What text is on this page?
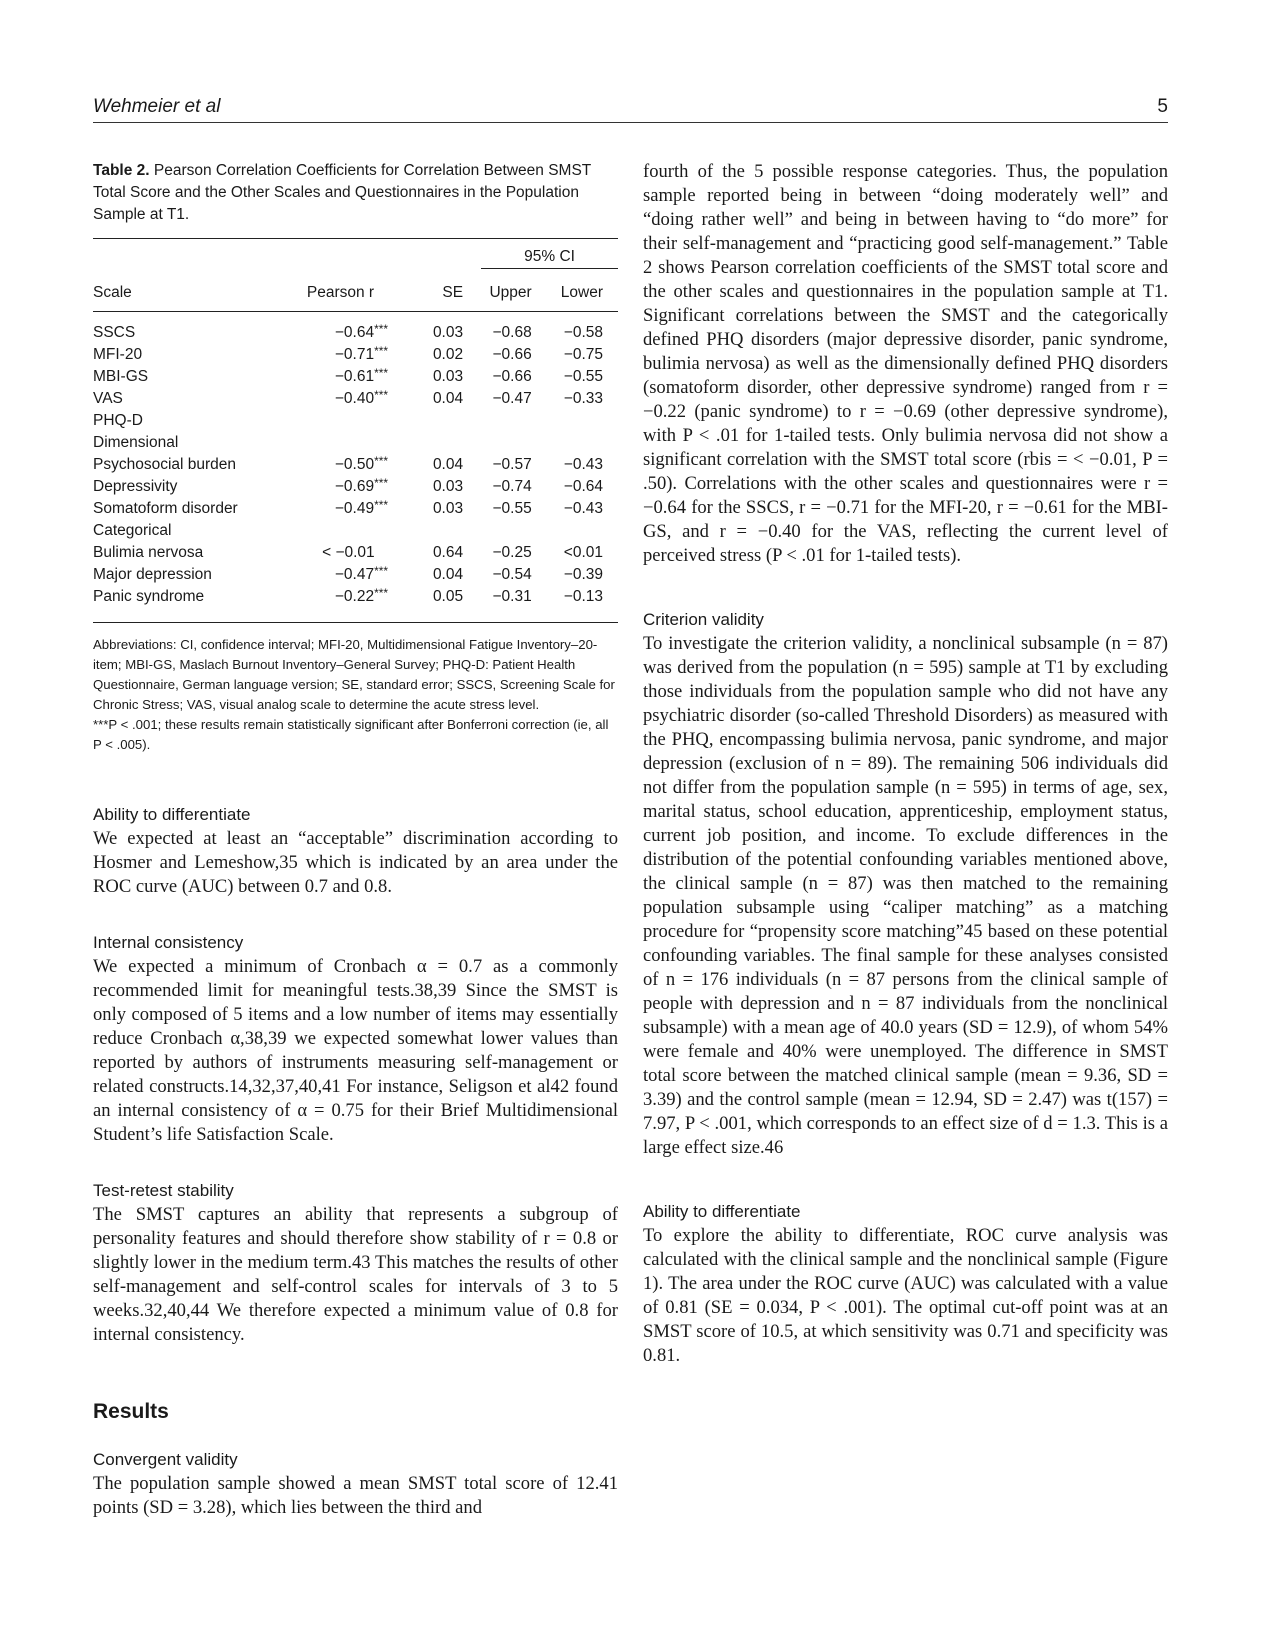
Wehmeier et al	5

Table 2. Pearson Correlation Coefficients for Correlation Between SMST Total Score and the Other Scales and Questionnaires in the Population Sample at T1.

			95% CI	

Scale	Pearson r	SE	Upper	Lower
SSCS	−0.64***	0.03	−0.68	−0.58
MFI-20	−0.71***	0.02	−0.66	−0.75
MBI-GS	−0.61***	0.03	−0.66	−0.55
VAS	−0.40***	0.04	−0.47	−0.33
PHQ-D				
Dimensional				
Psychosocial burden	−0.50***	0.04	−0.57	−0.43
Depressivity	−0.69***	0.03	−0.74	−0.64
Somatoform disorder	−0.49***	0.03	−0.55	−0.43
Categorical				
Bulimia nervosa	< −0.01	0.64	−0.25	<0.01
Major depression	−0.47***	0.04	−0.54	−0.39
Panic syndrome	−0.22***	0.05	−0.31	−0.13

Abbreviations: CI, confidence interval; MFI-20, Multidimensional Fatigue Inventory–20-item; MBI-GS, Maslach Burnout Inventory–General Survey; PHQ-D: Patient Health Questionnaire, German language version; SE, standard error; SSCS, Screening Scale for Chronic Stress; VAS, visual analog scale to determine the acute stress level.

***P < .001; these results remain statistically significant after Bonferroni correction (ie, all P < .005).

Ability to differentiate

We expected at least an “acceptable” discrimination according to Hosmer and Lemeshow,35 which is indicated by an area under the ROC curve (AUC) between 0.7 and 0.8.

Internal consistency

We expected a minimum of Cronbach α = 0.7 as a commonly recommended limit for meaningful tests.38,39 Since the SMST is only composed of 5 items and a low number of items may essentially reduce Cronbach α,38,39 we expected somewhat lower values than reported by authors of instruments measuring self-management or related constructs.14,32,37,40,41 For instance, Seligson et al42 found an internal consistency of α = 0.75 for their Brief Multidimensional Student’s life Satisfaction Scale.

Test-retest stability

The SMST captures an ability that represents a subgroup of personality features and should therefore show stability of r = 0.8 or slightly lower in the medium term.43 This matches the results of other self-management and self-control scales for intervals of 3 to 5 weeks.32,40,44 We therefore expected a minimum value of 0.8 for internal consistency.

Results

Convergent validity

The population sample showed a mean SMST total score of 12.41 points (SD = 3.28), which lies between the third and

fourth of the 5 possible response categories. Thus, the population sample reported being in between “doing moderately well” and “doing rather well” and being in between having to “do more” for their self-management and “practicing good self-management.” Table 2 shows Pearson correlation coefficients of the SMST total score and the other scales and questionnaires in the population sample at T1. Significant correlations between the SMST and the categorically defined PHQ disorders (major depressive disorder, panic syndrome, bulimia nervosa) as well as the dimensionally defined PHQ disorders (somatoform disorder, other depressive syndrome) ranged from r = −0.22 (panic syndrome) to r = −0.69 (other depressive syndrome), with P < .01 for 1-tailed tests. Only bulimia nervosa did not show a significant correlation with the SMST total score (rbis = < −0.01, P = .50). Correlations with the other scales and questionnaires were r = −0.64 for the SSCS, r = −0.71 for the MFI-20, r = −0.61 for the MBI-GS, and r = −0.40 for the VAS, reflecting the current level of perceived stress (P < .01 for 1-tailed tests).

Criterion validity

To investigate the criterion validity, a nonclinical subsample (n = 87) was derived from the population (n = 595) sample at T1 by excluding those individuals from the population sample who did not have any psychiatric disorder (so-called Threshold Disorders) as measured with the PHQ, encompassing bulimia nervosa, panic syndrome, and major depression (exclusion of n = 89). The remaining 506 individuals did not differ from the population sample (n = 595) in terms of age, sex, marital status, school education, apprenticeship, employment status, current job position, and income. To exclude differences in the distribution of the potential confounding variables mentioned above, the clinical sample (n = 87) was then matched to the remaining population subsample using “caliper matching” as a matching procedure for “propensity score matching”45 based on these potential confounding variables. The final sample for these analyses consisted of n = 176 individuals (n = 87 persons from the clinical sample of people with depression and n = 87 individuals from the nonclinical subsample) with a mean age of 40.0 years (SD = 12.9), of whom 54% were female and 40% were unemployed. The difference in SMST total score between the matched clinical sample (mean = 9.36, SD = 3.39) and the control sample (mean = 12.94, SD = 2.47) was t(157) = 7.97, P < .001, which corresponds to an effect size of d = 1.3. This is a large effect size.46

Ability to differentiate

To explore the ability to differentiate, ROC curve analysis was calculated with the clinical sample and the nonclinical sample (Figure 1). The area under the ROC curve (AUC) was calculated with a value of 0.81 (SE = 0.034, P < .001). The optimal cut-off point was at an SMST score of 10.5, at which sensitivity was 0.71 and specificity was 0.81.
